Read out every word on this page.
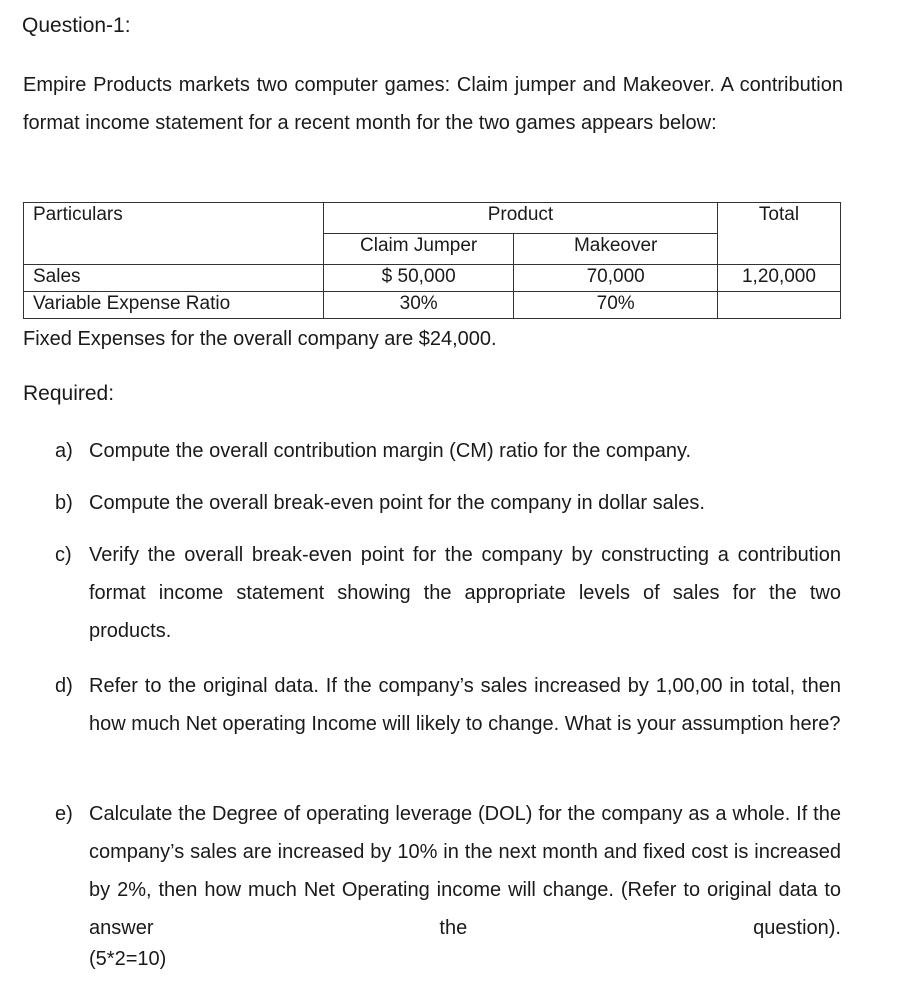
Question-1:
Empire Products markets two computer games: Claim jumper and Makeover. A contribution format income statement for a recent month for the two games appears below:
Particulars	Product		Total

	Claim Jumper	Makeover	

Sales	$ 50,000	70,000	1,20,000

Variable Expense Ratio	30%	70%	

Fixed Expenses for the overall company are $24,000.
Required:
a) Compute the overall contribution margin (CM) ratio for the company.
b) Compute the overall break-even point for the company in dollar sales.
c) Verify the overall break-even point for the company by constructing a contribution format income statement showing the appropriate levels of sales for the two products.
d) Refer to the original data. If the company’s sales increased by 1,00,00 in total, then how much Net operating Income will likely to change. What is your assumption here?
e) Calculate the Degree of operating leverage (DOL) for the company as a whole. If the company’s sales are increased by 10% in the next month and fixed cost is increased by 2%, then how much Net Operating income will change. (Refer to original data to answer the question).
(5*2=10)
